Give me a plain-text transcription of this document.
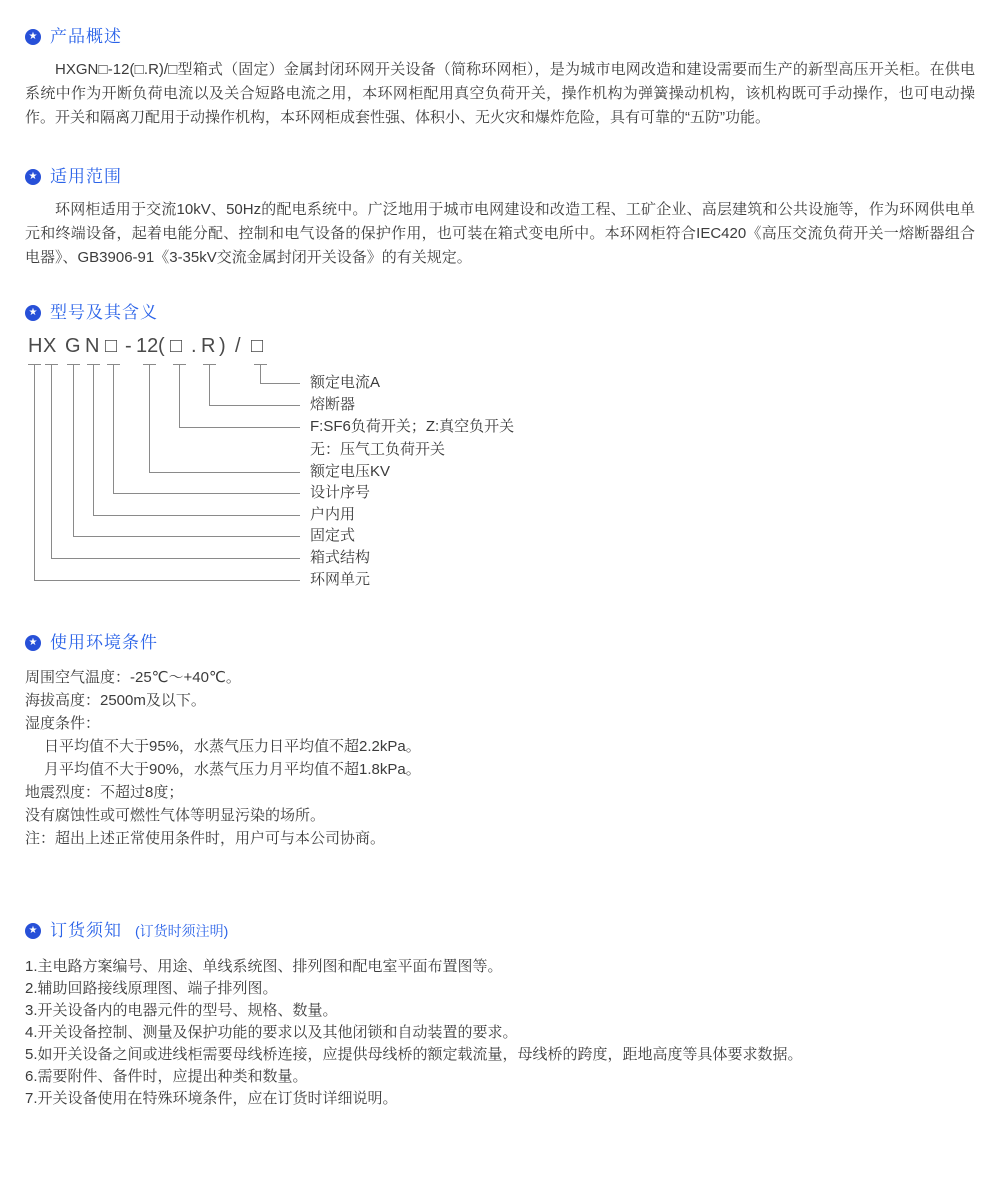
★ 产品概述

HXGN□-12(□.R)/□型箱式（固定）金属封闭环网开关设备（简称环网柜），是为城市电网改造和建设需要而生产的新型高压开关柜。在供电系统中作为开断负荷电流以及关合短路电流之用，本环网柜配用真空负荷开关，操作机构为弹簧操动机构，该机构既可手动操作，也可电动操作。开关和隔离刀配用于动操作机构，本环网柜成套性强、体积小、无火灾和爆炸危险，具有可靠的“五防”功能。

★ 适用范围

环网柜适用于交流10kV、50Hz的配电系统中。广泛地用于城市电网建设和改造工程、工矿企业、高层建筑和公共设施等，作为环网供电单元和终端设备，起着电能分配、控制和电气设备的保护作用，也可装在箱式变电所中。本环网柜符合IEC420《高压交流负荷开关一熔断器组合电器》、GB3906-91《3-35kV交流金属封闭开关设备》的有关规定。

★ 型号及其含义
H X G N □ - 12 ( □ . R ) / □
额定电流A
熔断器
F:SF6负荷开关；Z:真空负开关
无：压气工负荷开关
额定电压KV
设计序号
户内用
固定式
箱式结构
环网单元
★ 使用环境条件
周围空气温度：-25℃～+40℃。
海拔高度：2500m及以下。
湿度条件：
日平均值不大于95%，水蒸气压力日平均值不超2.2kPa。
月平均值不大于90%，水蒸气压力月平均值不超1.8kPa。
地震烈度：不超过8度；
没有腐蚀性或可燃性气体等明显污染的场所。
注：超出上述正常使用条件时，用户可与本公司协商。
★ 订货须知 (订货时须注明)
1.主电路方案编号、用途、单线系统图、排列图和配电室平面布置图等。
2.辅助回路接线原理图、端子排列图。
3.开关设备内的电器元件的型号、规格、数量。
4.开关设备控制、测量及保护功能的要求以及其他闭锁和自动装置的要求。
5.如开关设备之间或进线柜需要母线桥连接，应提供母线桥的额定载流量，母线桥的跨度，距地高度等具体要求数据。
6.需要附件、备件时，应提出种类和数量。
7.开关设备使用在特殊环境条件，应在订货时详细说明。
